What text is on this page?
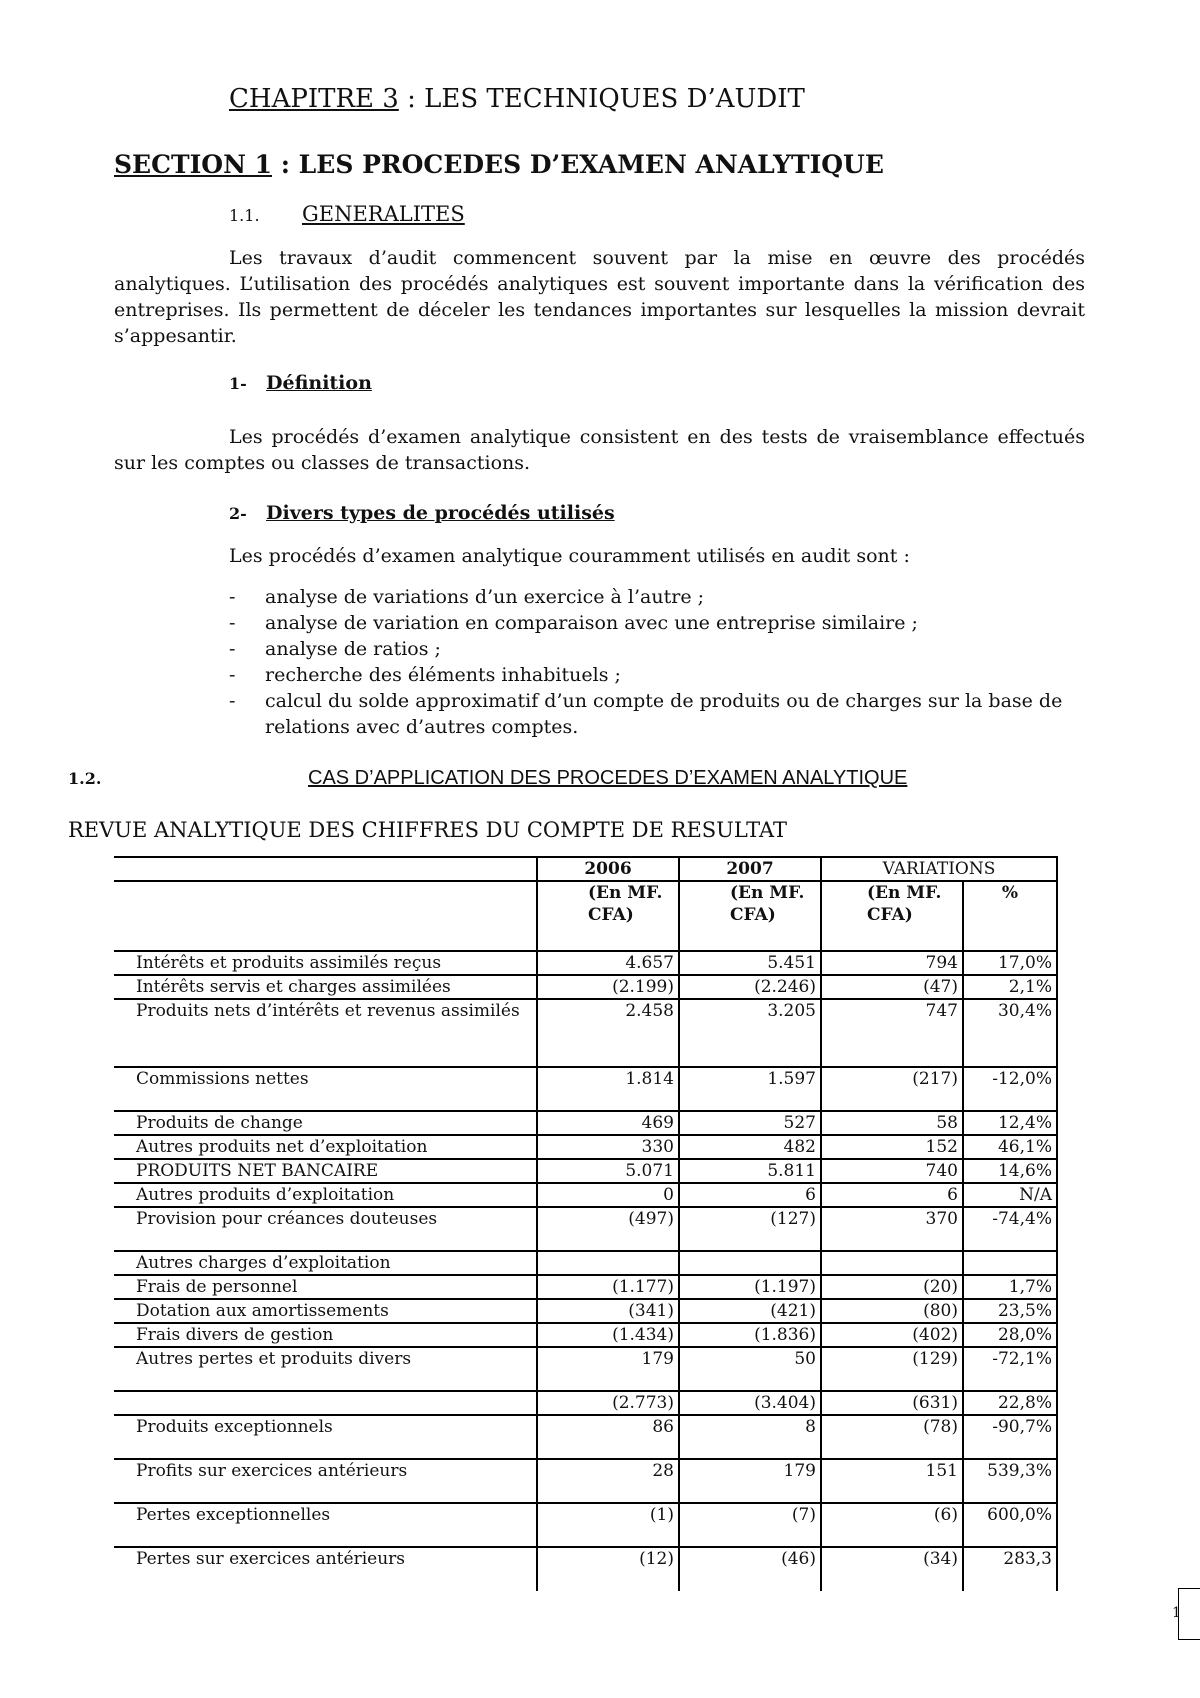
CHAPITRE 3 : LES TECHNIQUES D’AUDIT
SECTION 1 : LES PROCEDES D’EXAMEN ANALYTIQUE
1.1. GENERALITES
Les travaux d’audit commencent souvent par la mise en œuvre des procédés analytiques. L’utilisation des procédés analytiques est souvent importante dans la vérification des entreprises. Ils permettent de déceler les tendances importantes sur lesquelles la mission devrait s’appesantir.
1- Définition
Les procédés d’examen analytique consistent en des tests de vraisemblance effectués sur les comptes ou classes de transactions.
2- Divers types de procédés utilisés
Les procédés d’examen analytique couramment utilisés en audit sont :
- analyse de variations d’un exercice à l’autre ;
- analyse de variation en comparaison avec une entreprise similaire ;
- analyse de ratios ;
- recherche des éléments inhabituels ;
- calcul du solde approximatif d’un compte de produits ou de charges sur la base de relations avec d’autres comptes.
1.2.	CAS D’APPLICATION DES PROCEDES D’EXAMEN ANALYTIQUE
REVUE ANALYTIQUE DES CHIFFRES DU COMPTE DE RESULTAT
	2006	2007	VARIATIONS	
	(En MF. CFA)	(En MF. CFA)	(En MF. CFA)	%
Intérêts et produits assimilés reçus	4.657	5.451	794	17,0%
Intérêts servis et charges assimilées	(2.199)	(2.246)	(47)	2,1%
Produits nets d’intérêts et revenus assimilés	2.458	3.205	747	30,4%
Commissions nettes	1.814	1.597	(217)	-12,0%
Produits de change	469	527	58	12,4%
Autres produits net d’exploitation	330	482	152	46,1%
PRODUITS NET BANCAIRE	5.071	5.811	740	14,6%
Autres produits d’exploitation	0	6	6	N/A
Provision pour créances douteuses	(497)	(127)	370	-74,4%
Autres charges d’exploitation				
Frais de personnel	(1.177)	(1.197)	(20)	1,7%
Dotation aux amortissements	(341)	(421)	(80)	23,5%
Frais divers de gestion	(1.434)	(1.836)	(402)	28,0%
Autres pertes et produits divers	179	50	(129)	-72,1%
	(2.773)	(3.404)	(631)	22,8%
Produits exceptionnels	86	8	(78)	-90,7%
Profits sur exercices antérieurs	28	179	151	539,3%
Pertes exceptionnelles	(1)	(7)	(6)	600,0%
Pertes sur exercices antérieurs	(12)	(46)	(34)	283,3
1
